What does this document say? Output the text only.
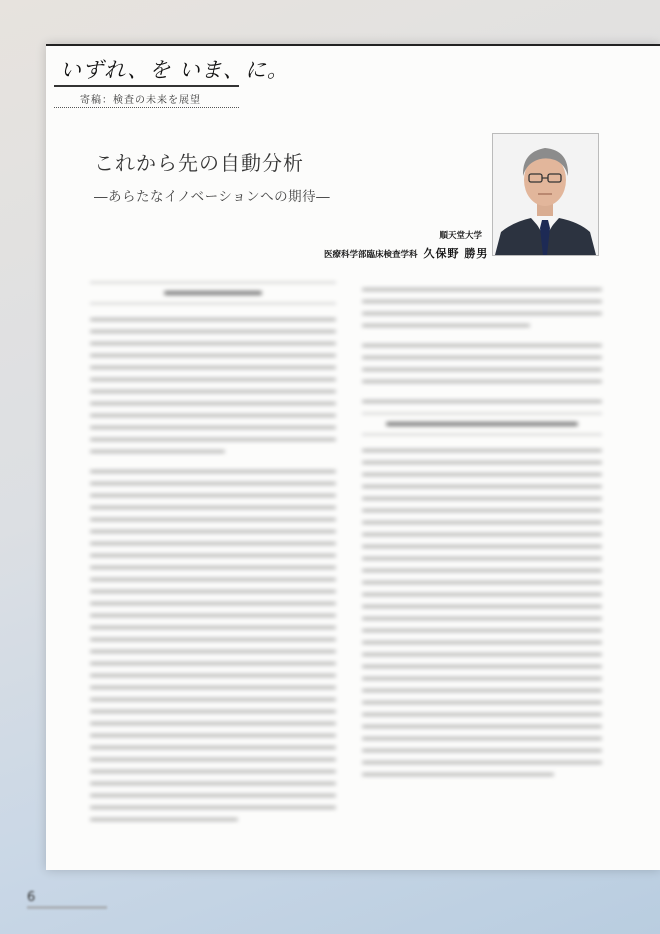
いずれ、を いま、に。
寄稿：検査の未来を展望
これから先の自動分析
―あらたなイノベーションへの期待―
順天堂大学
医療科学部臨床検査学科 久保野 勝男
6
